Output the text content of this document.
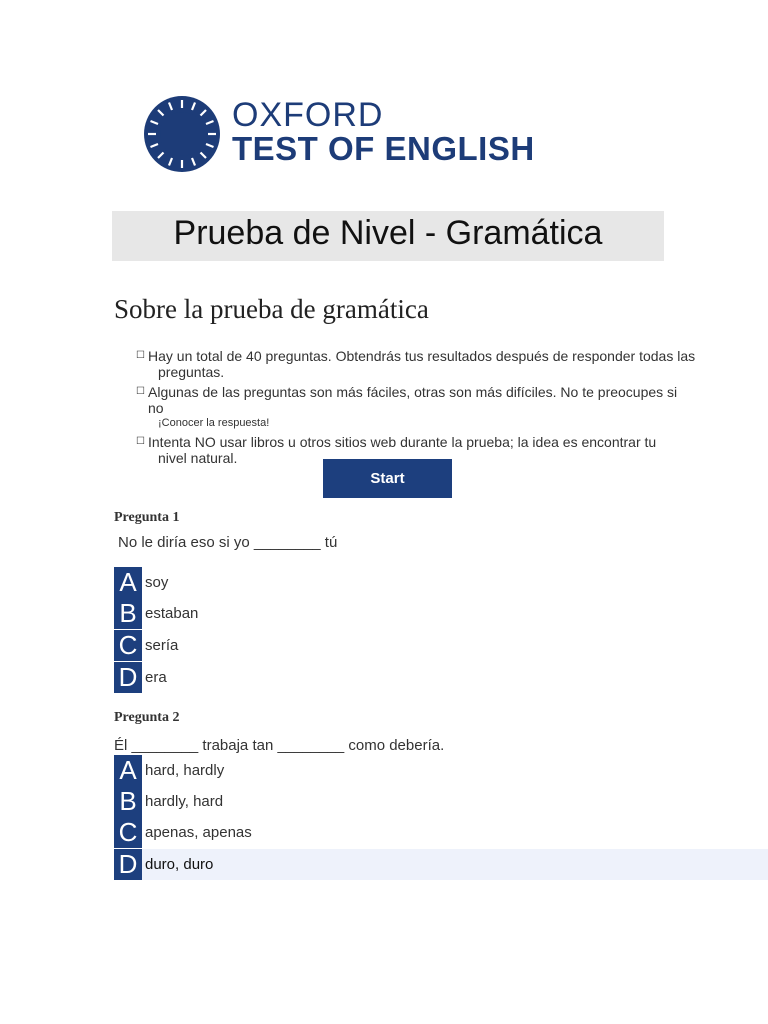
OXFORD
TEST OF ENGLISH
Prueba de Nivel - Gramática
Sobre la prueba de gramática
☐ Hay un total de 40 preguntas. Obtendrás tus resultados después de responder todas las
preguntas.
☐ Algunas de las preguntas son más fáciles, otras son más difíciles. No te preocupes si no
¡Conocer la respuesta!
☐ Intenta NO usar libros u otros sitios web durante la prueba; la idea es encontrar tu
nivel natural.
Start
Pregunta 1
No le diría eso si yo ________ tú
A soy
B estaban
C sería
D era
Pregunta 2
Él ________ trabaja tan ________ como debería.
A hard, hardly
B hardly, hard
C apenas, apenas
D duro, duro
